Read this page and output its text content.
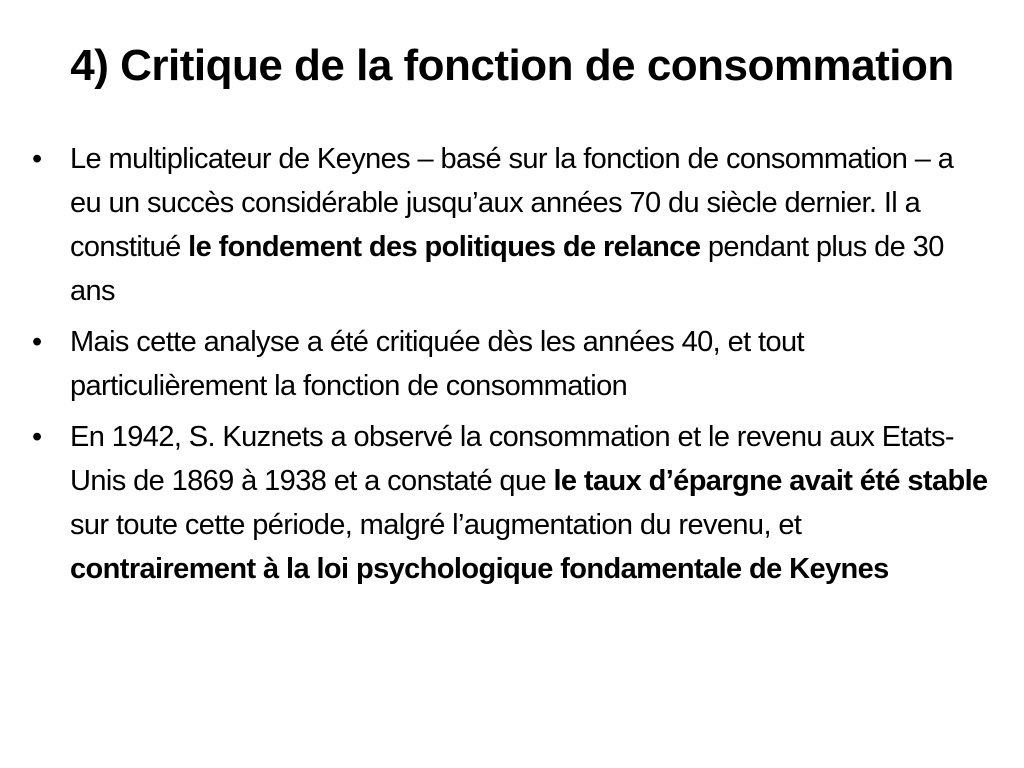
4) Critique de la fonction de consommation
• Le multiplicateur de Keynes – basé sur la fonction de consommation – a eu un succès considérable jusqu’aux années 70 du siècle dernier. Il a constitué le fondement des politiques de relance pendant plus de 30 ans
• Mais cette analyse a été critiquée dès les années 40, et tout particulièrement la fonction de consommation
• En 1942, S. Kuznets a observé la consommation et le revenu aux Etats-Unis de 1869 à 1938 et a constaté que le taux d’épargne avait été stable sur toute cette période, malgré l’augmentation du revenu, et contrairement à la loi psychologique fondamentale de Keynes
